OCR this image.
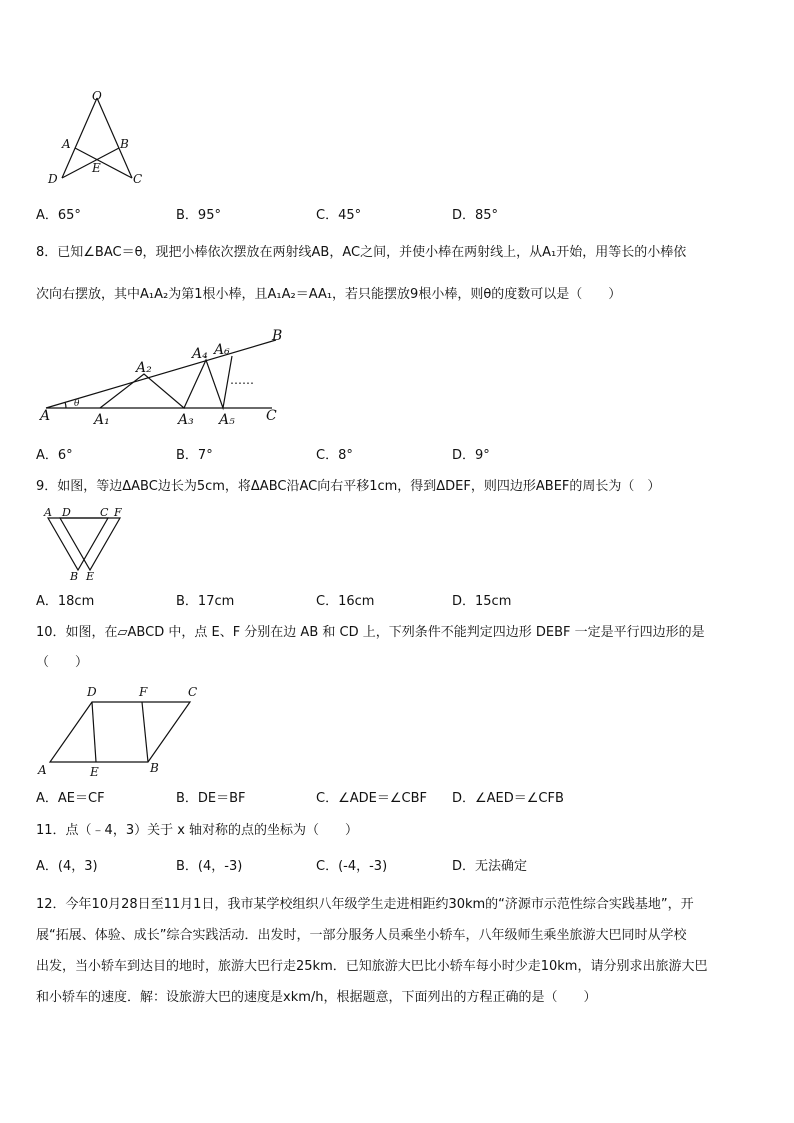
O
A	B
E
D	C
A．65°	B．95°	C．45°	D．85°
8．已知∠BAC＝θ，现把小棒依次摆放在两射线AB，AC之间，并使小棒在两射线上，从A₁开始，用等长的小棒依
次向右摆放，其中A₁A₂为第1根小棒，且A₁A₂＝AA₁，若只能摆放9根小棒，则θ的度数可以是（　　）
θ
A	A₁
A₂
A₃
A₄
A₅
A₆
B
C
……
A．6°	B．7°	C．8°	D．9°
9．如图，等边ΔABC边长为5cm，将ΔABC沿AC向右平移1cm，得到ΔDEF，则四边形ABEF的周长为（　）
A D	C F
B E
A．18cm	B．17cm	C．16cm	D．15cm
10．如图，在▱ABCD 中，点 E、F 分别在边 AB 和 CD 上，下列条件不能判定四边形 DEBF 一定是平行四边形的是
（　　）
D	F	C
A	E	B
A．AE＝CF	B．DE＝BF	C．∠ADE＝∠CBF D．∠AED＝∠CFB
11．点（﹣4，3）关于 x 轴对称的点的坐标为（　　）
A．(4，3)	B．(4，-3)	C．(-4，-3)	D．无法确定
12．今年10月28日至11月1日，我市某学校组织八年级学生走进相距约30km的“济源市示范性综合实践基地”，开
展“拓展、体验、成长”综合实践活动．出发时，一部分服务人员乘坐小轿车，八年级师生乘坐旅游大巴同时从学校
出发，当小轿车到达目的地时，旅游大巴行走25km．已知旅游大巴比小轿车每小时少走10km，请分别求出旅游大巴
和小轿车的速度．解：设旅游大巴的速度是xkm/h，根据题意，下面列出的方程正确的是（　　）
